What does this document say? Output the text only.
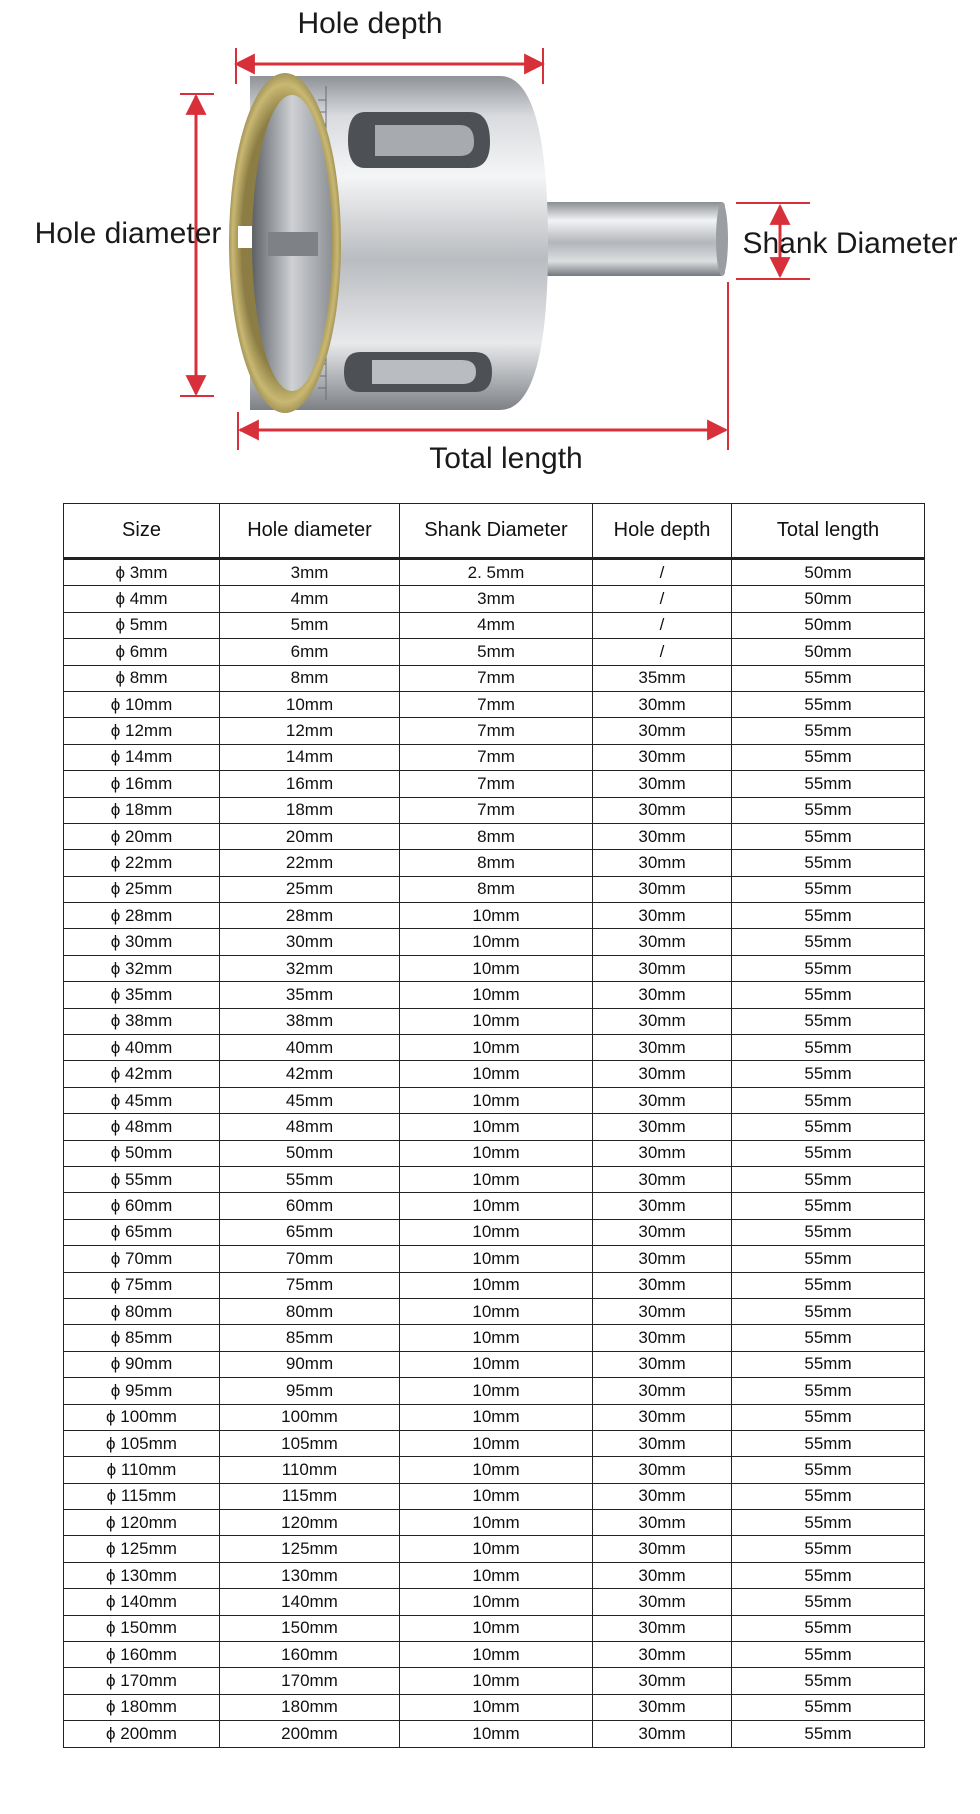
Hole depth
Hole diameter	Shank Diameter
Total length
Size	Hole diameter	Shank Diameter	Hole depth	Total length
ϕ 3mm	3mm	2. 5mm	/	50mm
ϕ 4mm	4mm	3mm	/	50mm
ϕ 5mm	5mm	4mm	/	50mm
ϕ 6mm	6mm	5mm	/	50mm
ϕ 8mm	8mm	7mm	35mm	55mm
ϕ 10mm	10mm	7mm	30mm	55mm
ϕ 12mm	12mm	7mm	30mm	55mm
ϕ 14mm	14mm	7mm	30mm	55mm
ϕ 16mm	16mm	7mm	30mm	55mm
ϕ 18mm	18mm	7mm	30mm	55mm
ϕ 20mm	20mm	8mm	30mm	55mm
ϕ 22mm	22mm	8mm	30mm	55mm
ϕ 25mm	25mm	8mm	30mm	55mm
ϕ 28mm	28mm	10mm	30mm	55mm
ϕ 30mm	30mm	10mm	30mm	55mm
ϕ 32mm	32mm	10mm	30mm	55mm
ϕ 35mm	35mm	10mm	30mm	55mm
ϕ 38mm	38mm	10mm	30mm	55mm
ϕ 40mm	40mm	10mm	30mm	55mm
ϕ 42mm	42mm	10mm	30mm	55mm
ϕ 45mm	45mm	10mm	30mm	55mm
ϕ 48mm	48mm	10mm	30mm	55mm
ϕ 50mm	50mm	10mm	30mm	55mm
ϕ 55mm	55mm	10mm	30mm	55mm
ϕ 60mm	60mm	10mm	30mm	55mm
ϕ 65mm	65mm	10mm	30mm	55mm
ϕ 70mm	70mm	10mm	30mm	55mm
ϕ 75mm	75mm	10mm	30mm	55mm
ϕ 80mm	80mm	10mm	30mm	55mm
ϕ 85mm	85mm	10mm	30mm	55mm
ϕ 90mm	90mm	10mm	30mm	55mm
ϕ 95mm	95mm	10mm	30mm	55mm
ϕ 100mm	100mm	10mm	30mm	55mm
ϕ 105mm	105mm	10mm	30mm	55mm
ϕ 110mm	110mm	10mm	30mm	55mm
ϕ 115mm	115mm	10mm	30mm	55mm
ϕ 120mm	120mm	10mm	30mm	55mm
ϕ 125mm	125mm	10mm	30mm	55mm
ϕ 130mm	130mm	10mm	30mm	55mm
ϕ 140mm	140mm	10mm	30mm	55mm
ϕ 150mm	150mm	10mm	30mm	55mm
ϕ 160mm	160mm	10mm	30mm	55mm
ϕ 170mm	170mm	10mm	30mm	55mm
ϕ 180mm	180mm	10mm	30mm	55mm
ϕ 200mm	200mm	10mm	30mm	55mm
